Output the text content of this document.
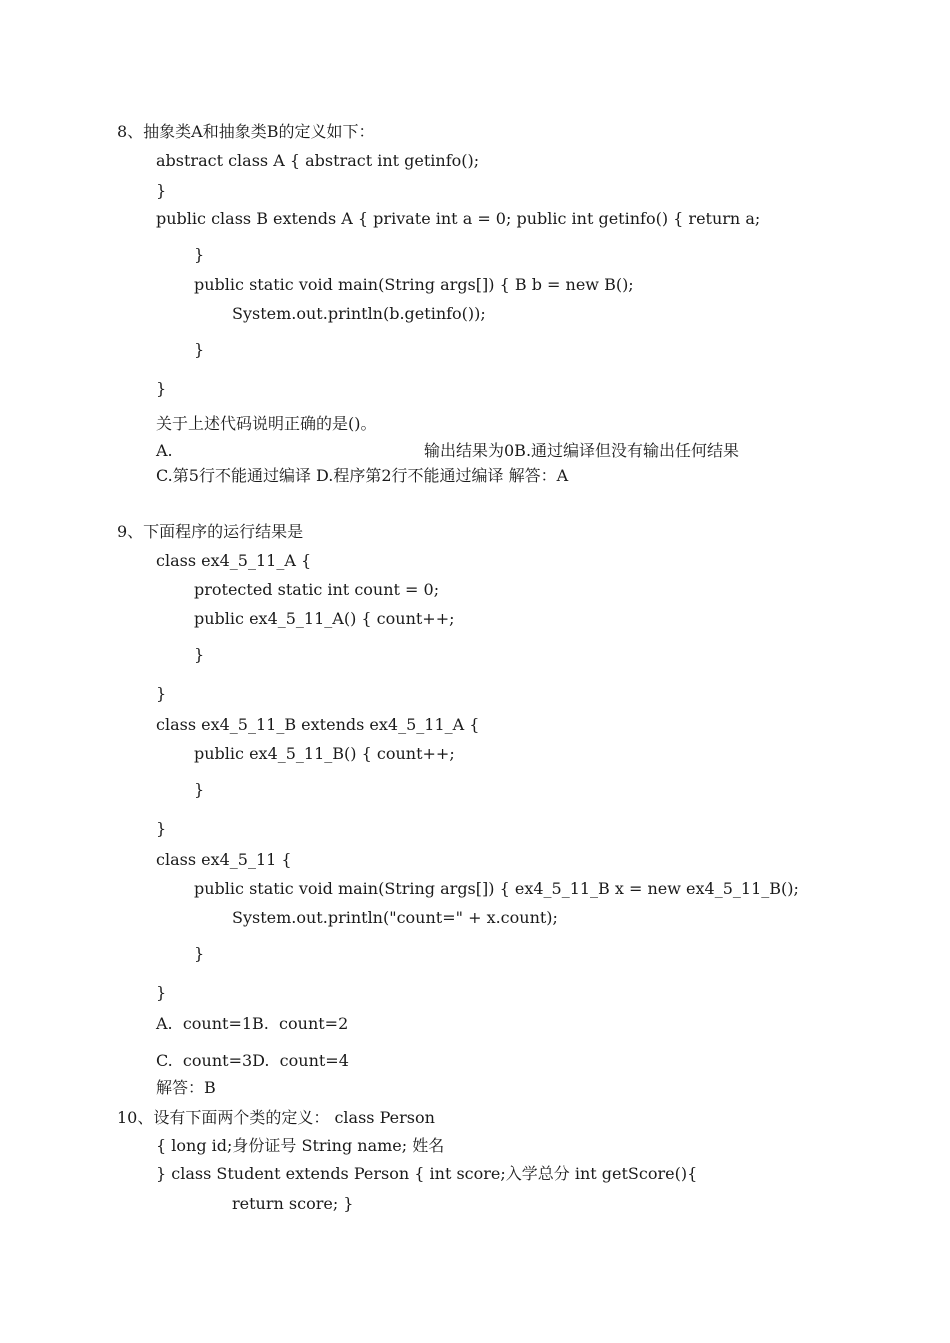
8、抽象类A和抽象类B的定义如下：
abstract class A { abstract int getinfo();
}
public class B extends A { private int a = 0; public int getinfo() { return a;
}
public static void main(String args[]) { B b = new B();
System.out.println(b.getinfo());
}
}
关于上述代码说明正确的是()。
A.	输出结果为0B.通过编译但没有输出任何结果
C.第5行不能通过编译 D.程序第2行不能通过编译 解答：A
9、下面程序的运行结果是
class ex4_5_11_A {
protected static int count = 0;
public ex4_5_11_A() { count++;
}
}
class ex4_5_11_B extends ex4_5_11_A {
public ex4_5_11_B() { count++;
}
}
class ex4_5_11 {
public static void main(String args[]) { ex4_5_11_B x = new ex4_5_11_B();
System.out.println("count=" + x.count);
}
}
A.  count=1B.  count=2
C.  count=3D.  count=4
解答：B
10、设有下面两个类的定义： class Person
{ long id;身份证号 String name; 姓名
} class Student extends Person { int score;入学总分 int getScore(){
return score; }
